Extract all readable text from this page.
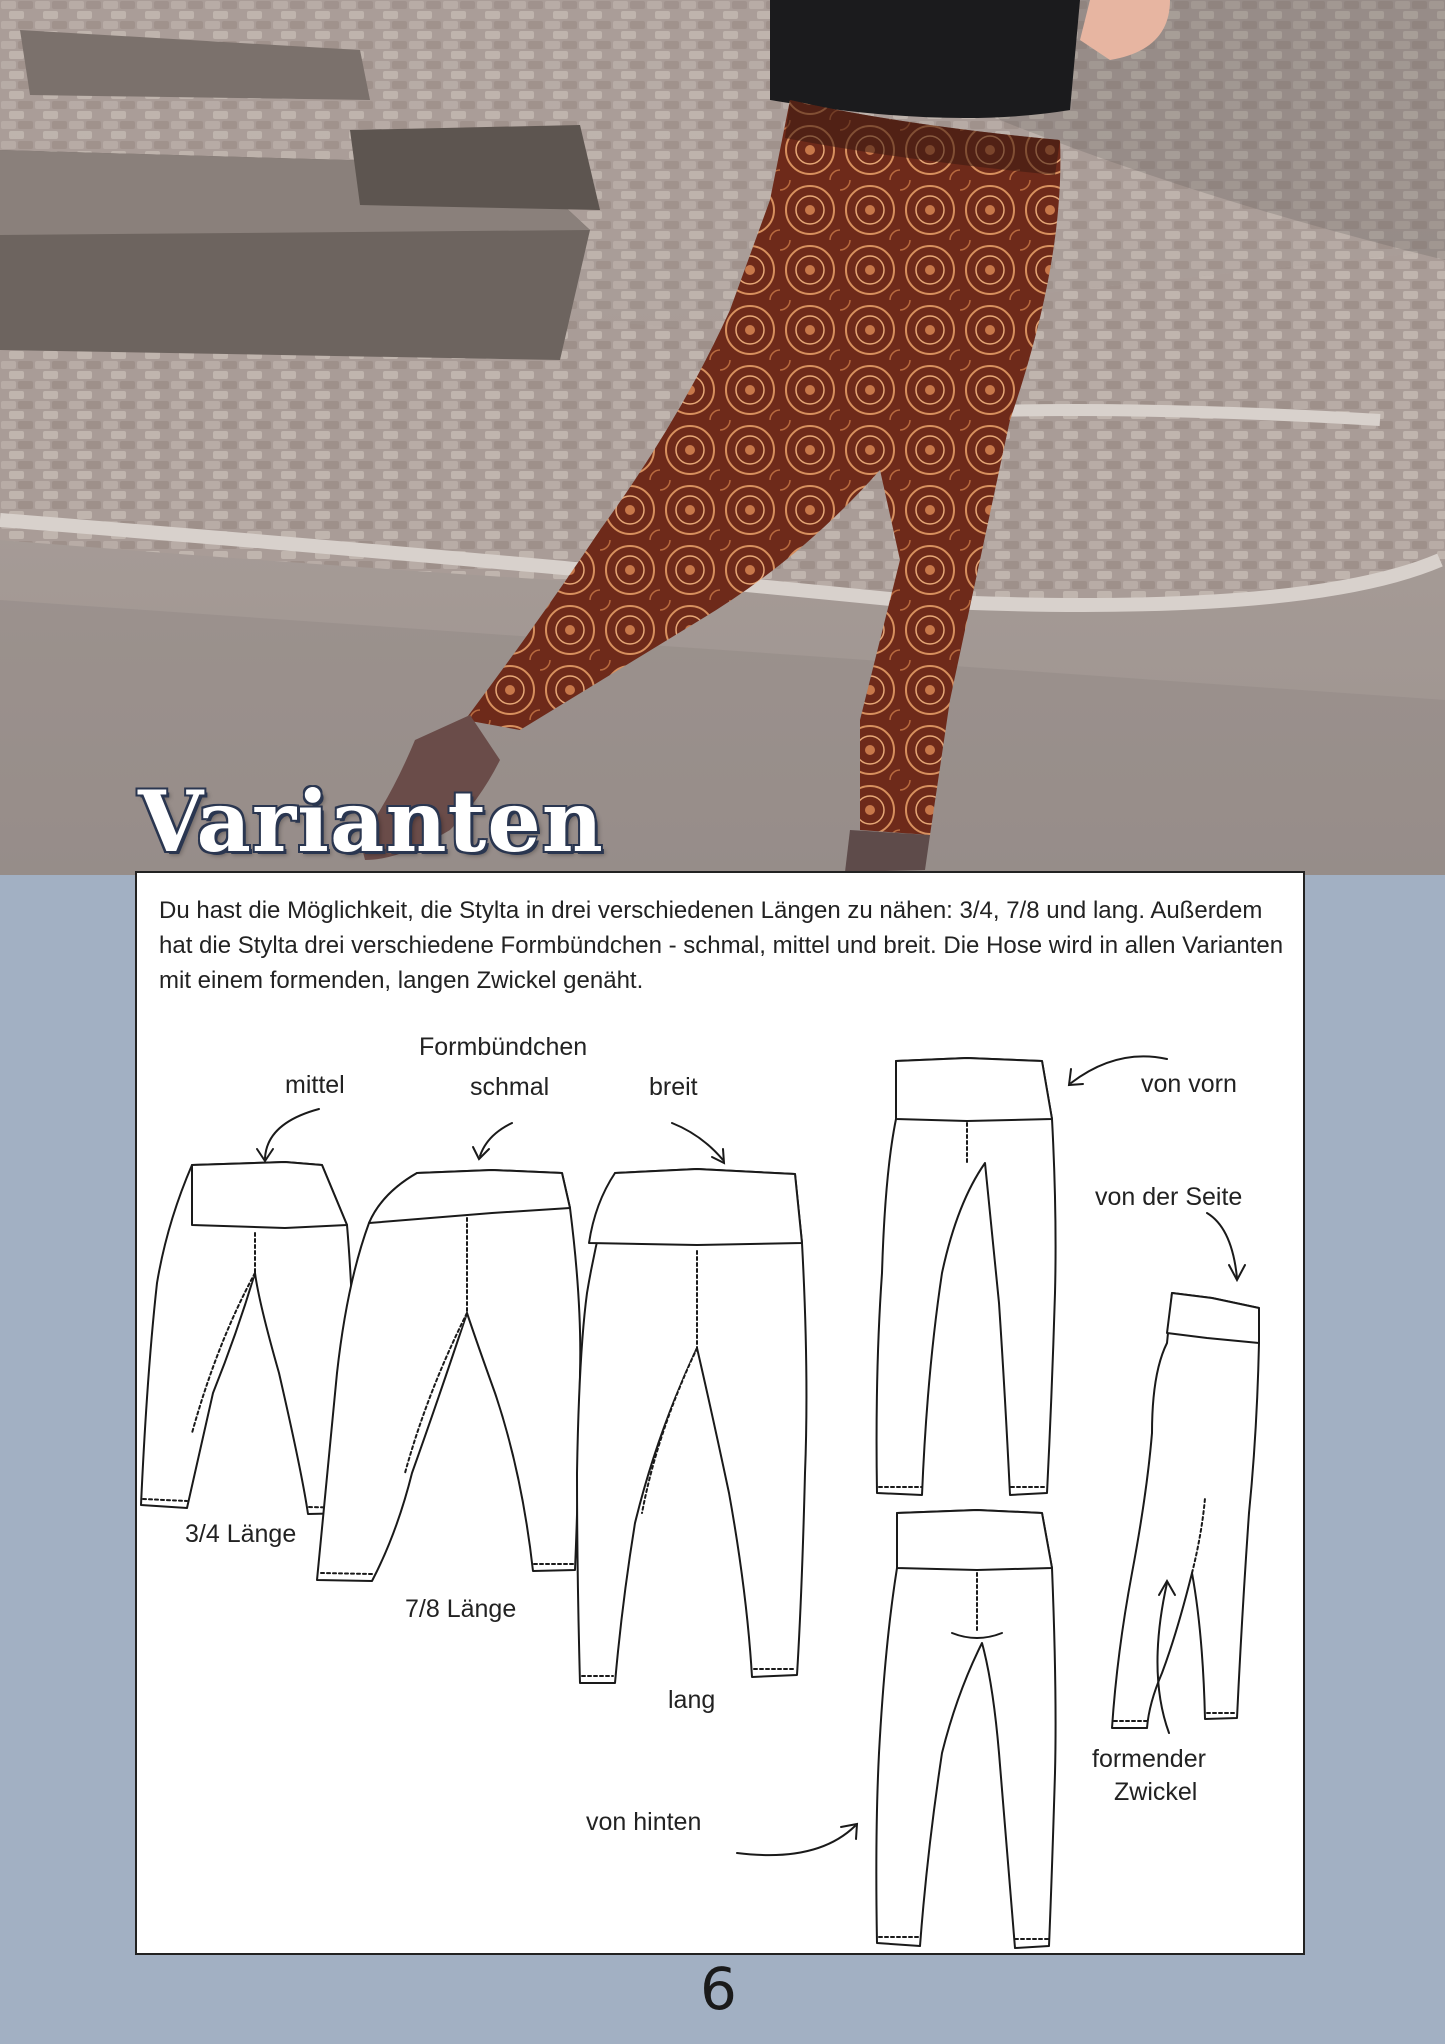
Varianten
Du hast die Möglichkeit, die Stylta in drei verschiedenen Längen zu nähen: 3/4, 7/8 und lang. Außerdem hat die Stylta drei verschiedene Formbündchen - schmal, mittel und breit. Die Hose wird in allen Varianten mit einem formenden, langen Zwickel genäht.
Formbündchen
mittel	schmal	breit
3/4 Länge
7/8 Länge
lang
von vorn
von der Seite
von hinten
formender
Zwickel
6
